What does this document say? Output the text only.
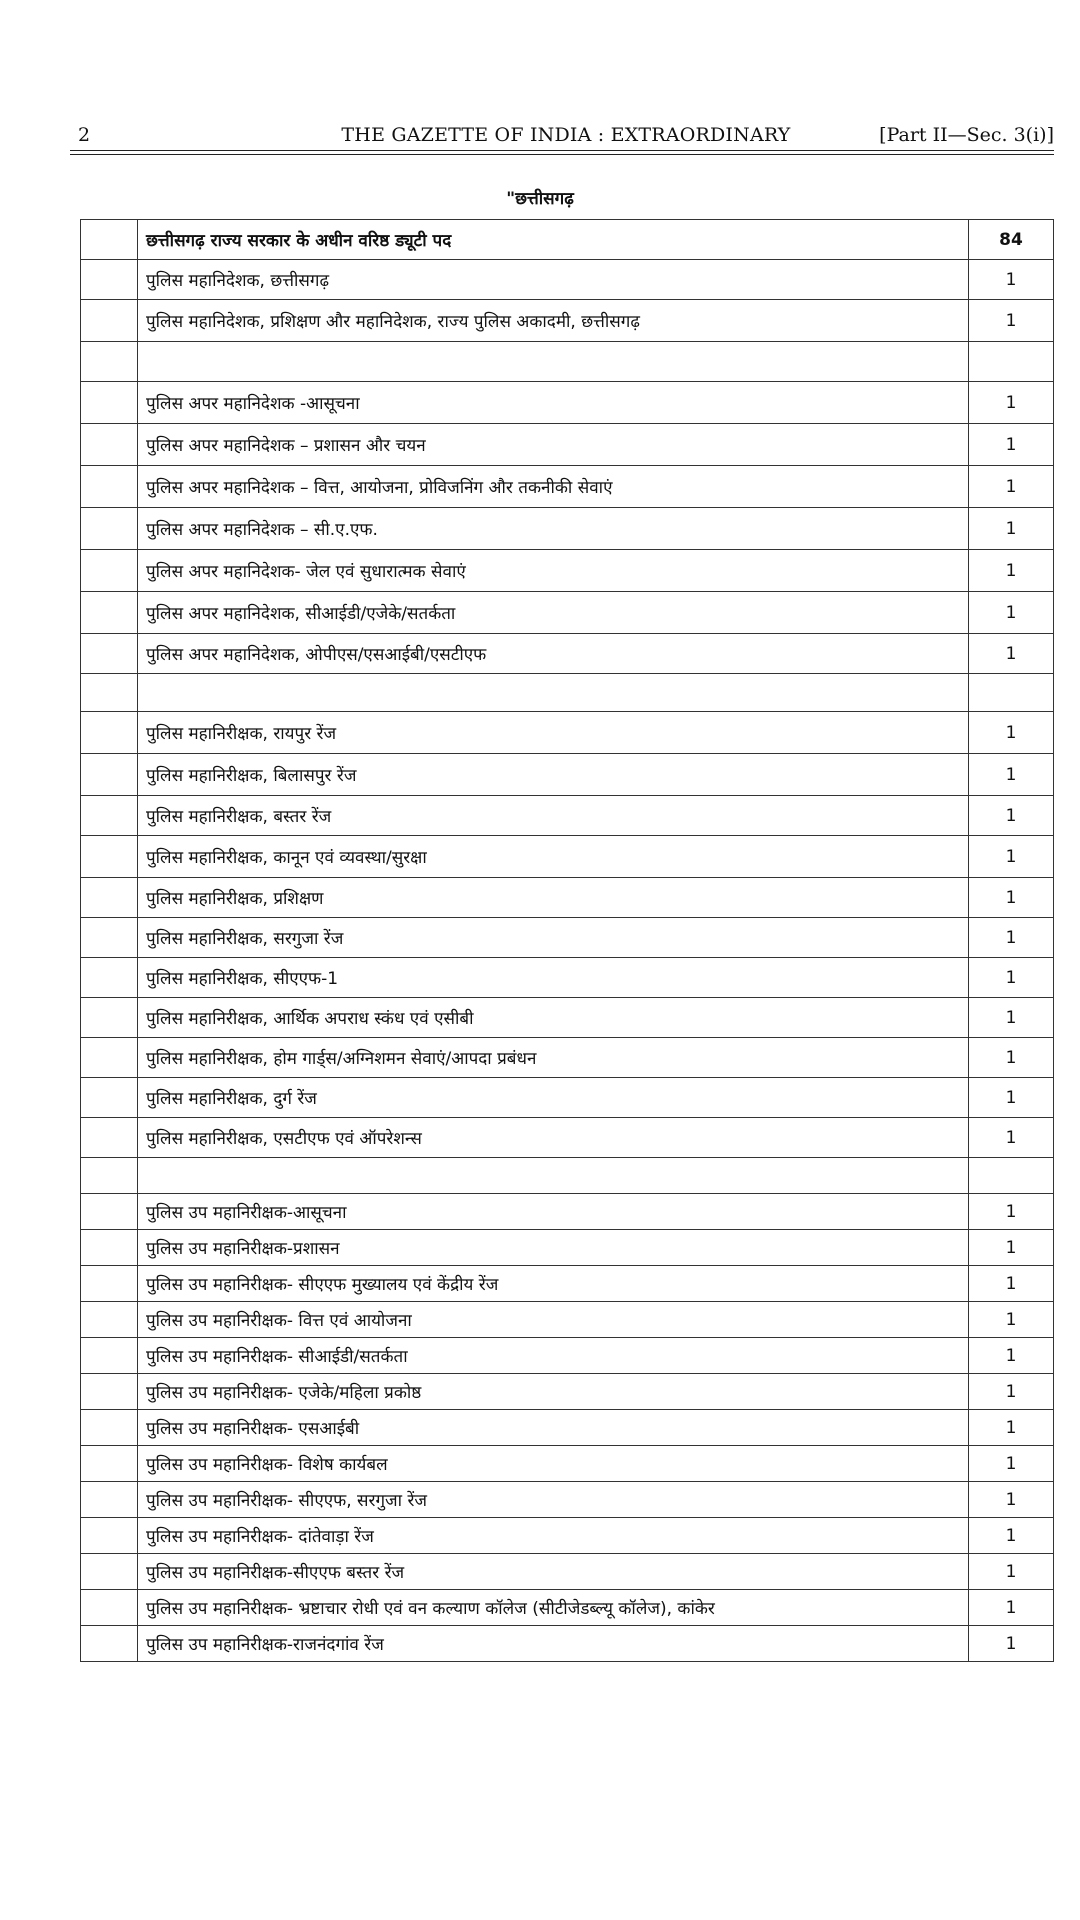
2	THE GAZETTE OF INDIA : EXTRAORDINARY	[Part II—Sec. 3(i)]
"छत्तीसगढ़
	छत्तीसगढ़ राज्य सरकार के अधीन वरिष्ठ ड्यूटी पद	84
	पुलिस महानिदेशक, छत्तीसगढ़	1
	पुलिस महानिदेशक, प्रशिक्षण और महानिदेशक, राज्य पुलिस अकादमी, छत्तीसगढ़	1

	पुलिस अपर महानिदेशक -आसूचना	1
	पुलिस अपर महानिदेशक – प्रशासन और चयन	1
	पुलिस अपर महानिदेशक – वित्त, आयोजना, प्रोविजनिंग और तकनीकी सेवाएं	1
	पुलिस अपर महानिदेशक – सी.ए.एफ.	1
	पुलिस अपर महानिदेशक- जेल एवं सुधारात्मक सेवाएं	1
	पुलिस अपर महानिदेशक, सीआईडी/एजेके/सतर्कता	1
	पुलिस अपर महानिदेशक, ओपीएस/एसआईबी/एसटीएफ	1

	पुलिस महानिरीक्षक, रायपुर रेंज	1
	पुलिस महानिरीक्षक, बिलासपुर रेंज	1
	पुलिस महानिरीक्षक, बस्तर रेंज	1
	पुलिस महानिरीक्षक, कानून एवं व्यवस्था/सुरक्षा	1
	पुलिस महानिरीक्षक, प्रशिक्षण	1
	पुलिस महानिरीक्षक, सरगुजा रेंज	1
	पुलिस महानिरीक्षक, सीएएफ-1	1
	पुलिस महानिरीक्षक, आर्थिक अपराध स्कंध एवं एसीबी	1
	पुलिस महानिरीक्षक, होम गार्ड्स/अग्निशमन सेवाएं/आपदा प्रबंधन	1
	पुलिस महानिरीक्षक, दुर्ग रेंज	1
	पुलिस महानिरीक्षक, एसटीएफ एवं ऑपरेशन्स	1

	पुलिस उप महानिरीक्षक-आसूचना	1
	पुलिस उप महानिरीक्षक-प्रशासन	1
	पुलिस उप महानिरीक्षक- सीएएफ मुख्यालय एवं केंद्रीय रेंज	1
	पुलिस उप महानिरीक्षक- वित्त एवं आयोजना	1
	पुलिस उप महानिरीक्षक- सीआईडी/सतर्कता	1
	पुलिस उप महानिरीक्षक- एजेके/महिला प्रकोष्ठ	1
	पुलिस उप महानिरीक्षक- एसआईबी	1
	पुलिस उप महानिरीक्षक- विशेष कार्यबल	1
	पुलिस उप महानिरीक्षक- सीएएफ, सरगुजा रेंज	1
	पुलिस उप महानिरीक्षक- दांतेवाड़ा रेंज	1
	पुलिस उप महानिरीक्षक-सीएएफ बस्तर रेंज	1
	पुलिस उप महानिरीक्षक- भ्रष्टाचार रोधी एवं वन कल्याण कॉलेज (सीटीजेडब्ल्यू कॉलेज), कांकेर	1
	पुलिस उप महानिरीक्षक-राजनंदगांव रेंज	1
